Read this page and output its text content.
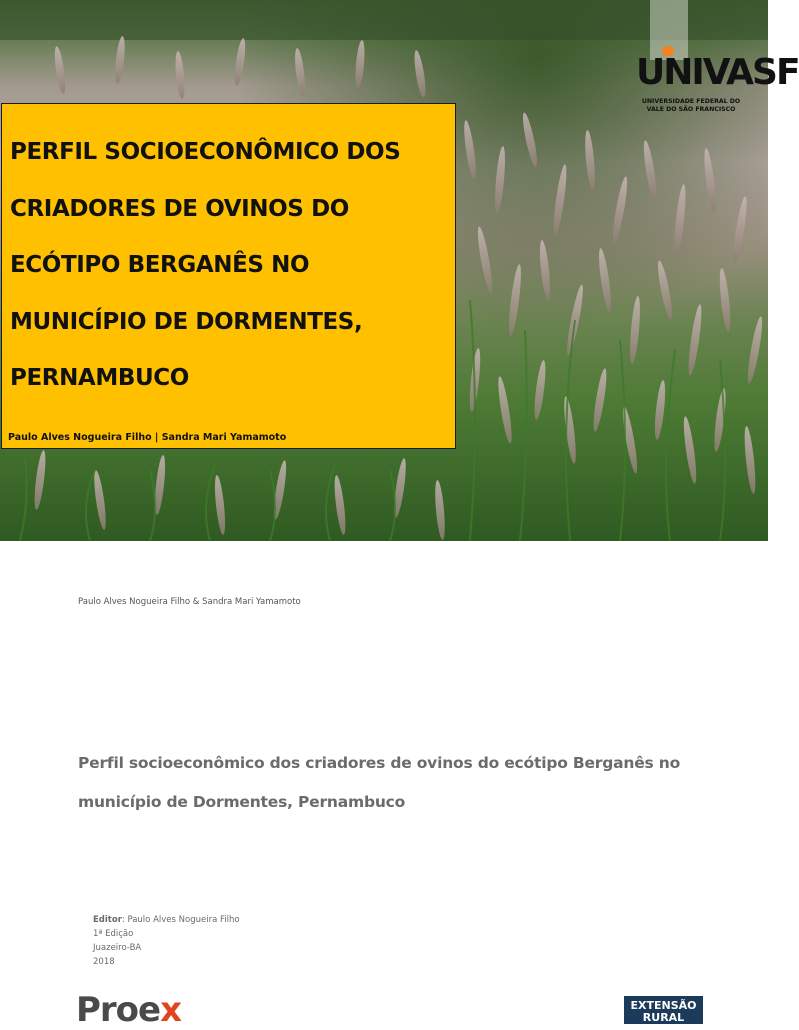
PERFIL SOCIOECONÔMICO DOS
CRIADORES DE OVINOS DO
ECÓTIPO BERGANÊS NO
MUNICÍPIO DE DORMENTES,
PERNAMBUCO
Paulo Alves Nogueira Filho | Sandra Mari Yamamoto
UNIVASF
UNIVERSIDADE FEDERAL DO
VALE DO SÃO FRANCISCO
Paulo Alves Nogueira Filho & Sandra Mari Yamamoto
Perfil socioeconômico dos criadores de ovinos do ecótipo Berganês no município de Dormentes, Pernambuco
Editor: Paulo Alves Nogueira Filho
1ª Edição
Juazeiro-BA
2018
Proex	EXTENSÃO
RURAL
